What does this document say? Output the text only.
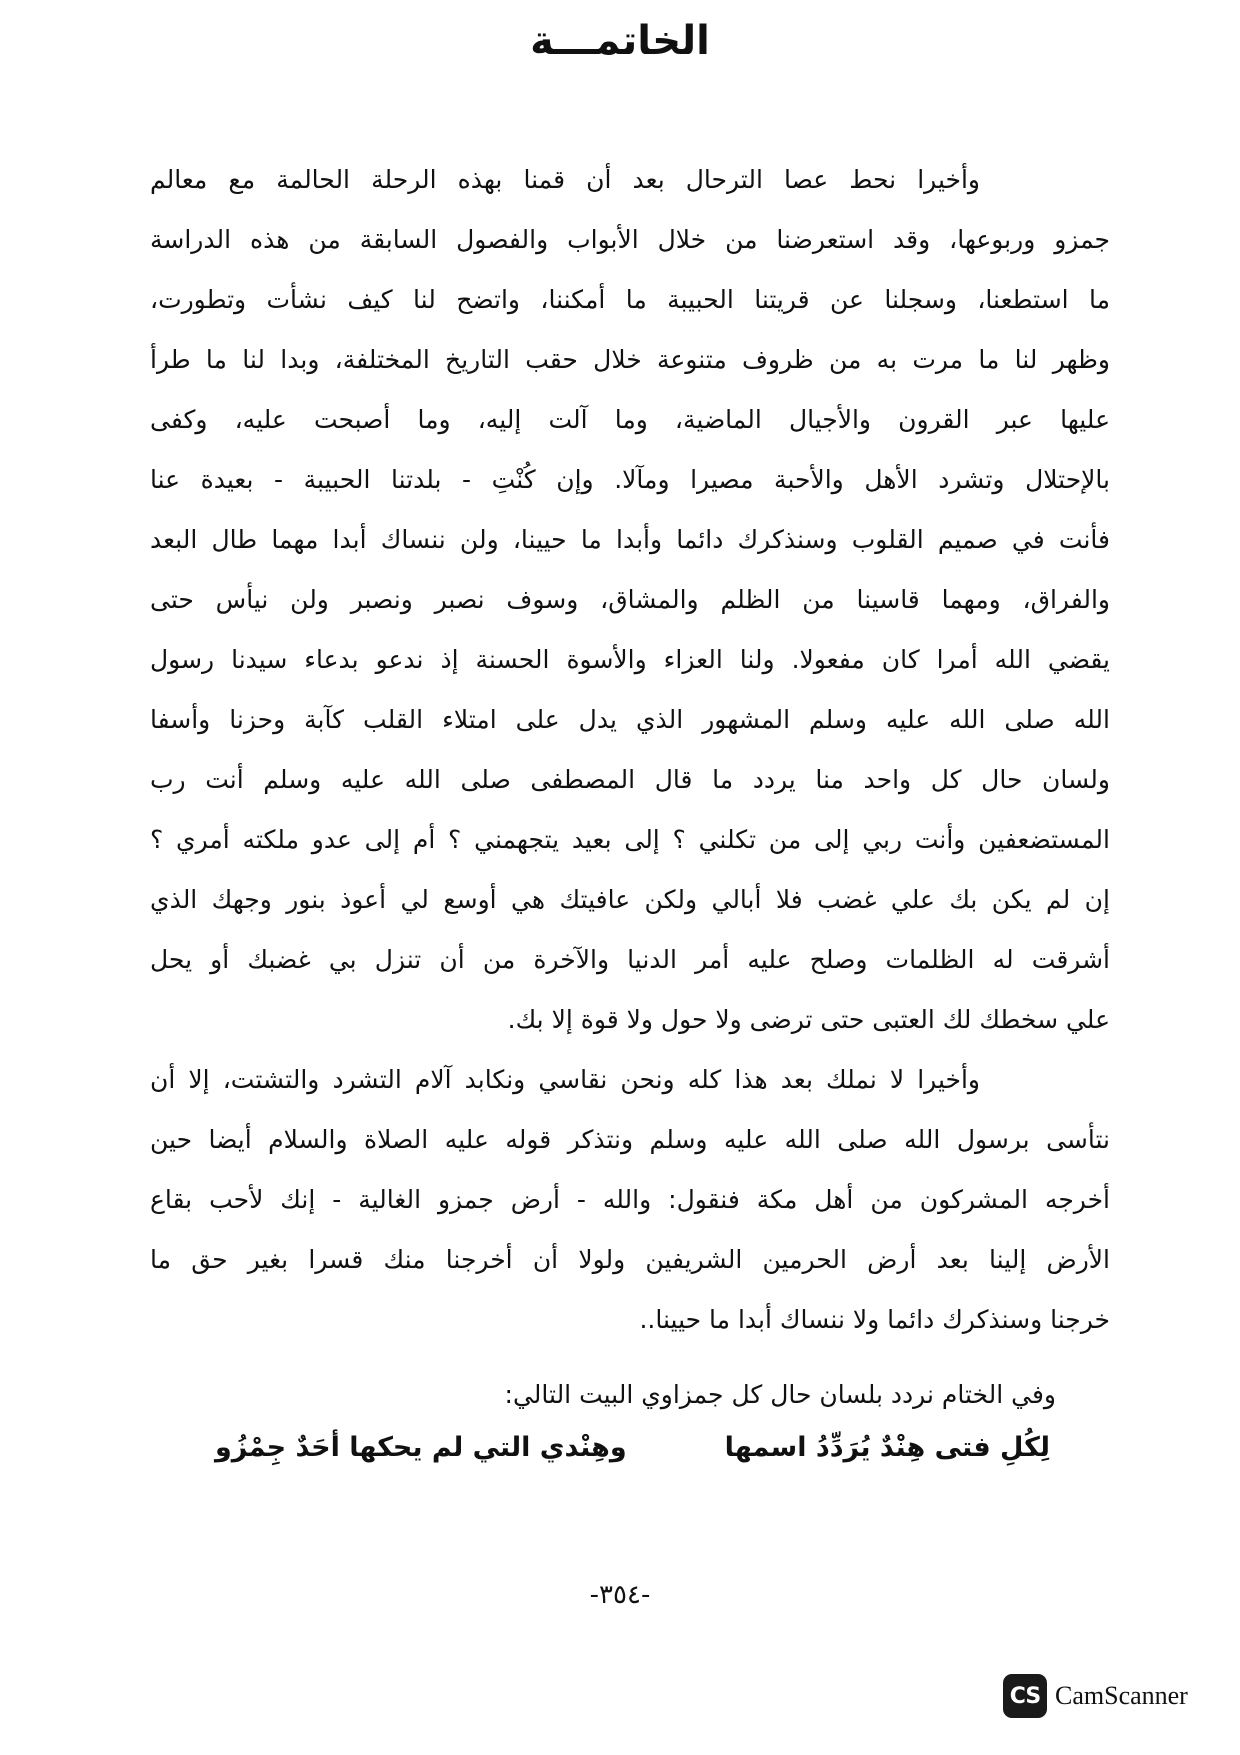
الخاتمـــة
وأخيرا نحط عصا الترحال بعد أن قمنا بهذه الرحلة الحالمة مع معالم
جمزو وربوعها، وقد استعرضنا من خلال الأبواب والفصول السابقة من هذه الدراسة
ما استطعنا، وسجلنا عن قريتنا الحبيبة ما أمكننا، واتضح لنا كيف نشأت وتطورت،
وظهر لنا ما مرت به من ظروف متنوعة خلال حقب التاريخ المختلفة، وبدا لنا ما طرأ
عليها عبر القرون والأجيال الماضية، وما آلت إليه، وما أصبحت عليه، وكفى
بالإحتلال وتشرد الأهل والأحبة مصيرا ومآلا. وإن كُنْتِ - بلدتنا الحبيبة - بعيدة عنا
فأنت في صميم القلوب وسنذكرك دائما وأبدا ما حيينا، ولن ننساك أبدا مهما طال البعد
والفراق، ومهما قاسينا من الظلم والمشاق، وسوف نصبر ونصبر ولن نيأس حتى
يقضي الله أمرا كان مفعولا. ولنا العزاء والأسوة الحسنة إذ ندعو بدعاء سيدنا رسول
الله صلى الله عليه وسلم المشهور الذي يدل على امتلاء القلب كآبة وحزنا وأسفا
ولسان حال كل واحد منا يردد ما قال المصطفى صلى الله عليه وسلم أنت رب
المستضعفين وأنت ربي إلى من تكلني ؟ إلى بعيد يتجهمني ؟ أم إلى عدو ملكته أمري ؟
إن لم يكن بك علي غضب فلا أبالي ولكن عافيتك هي أوسع لي أعوذ بنور وجهك الذي
أشرقت له الظلمات وصلح عليه أمر الدنيا والآخرة من أن تنزل بي غضبك أو يحل
علي سخطك لك العتبى حتى ترضى ولا حول ولا قوة إلا بك.
وأخيرا لا نملك بعد هذا كله ونحن نقاسي ونكابد آلام التشرد والتشتت، إلا أن
نتأسى برسول الله صلى الله عليه وسلم ونتذكر قوله عليه الصلاة والسلام أيضا حين
أخرجه المشركون من أهل مكة فنقول: والله - أرض جمزو الغالية - إنك لأحب بقاع
الأرض إلينا بعد أرض الحرمين الشريفين ولولا أن أخرجنا منك قسرا بغير حق ما
خرجنا وسنذكرك دائما ولا ننساك أبدا ما حيينا..
وفي الختام نردد بلسان حال كل جمزاوي البيت التالي:
لِكُلِ فتى هِنْدٌ يُرَدِّدُ اسمها
وهِنْدي التي لم يحكها أحَدٌ جِمْزُو
-٣٥٤-
CS CamScanner
